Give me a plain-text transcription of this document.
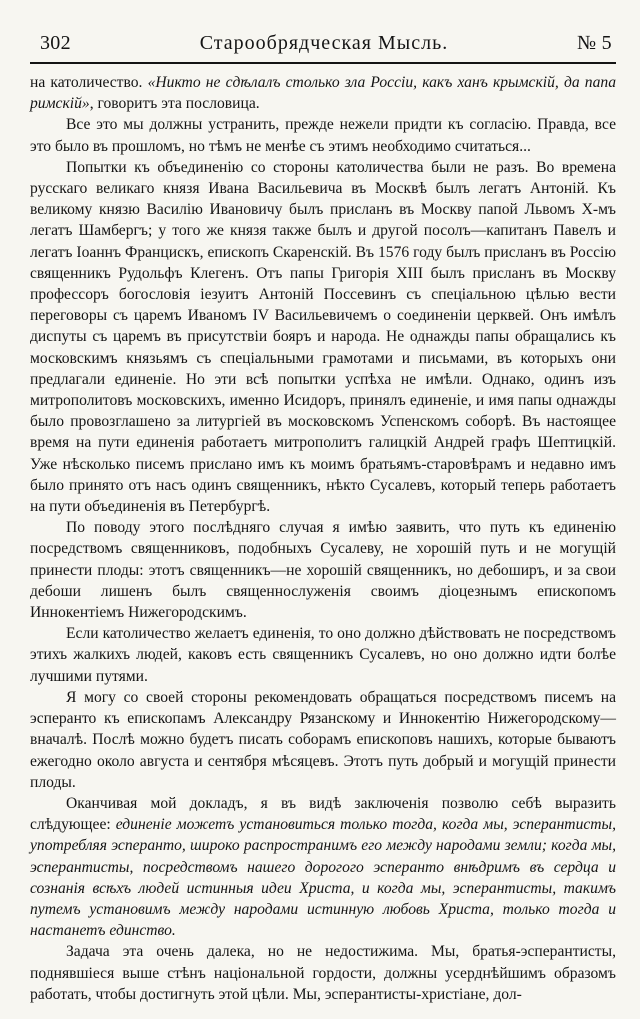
302	Старообрядческая Мысль.	№ 5

на католичество. «Никто не сдѣлалъ столько зла Россіи, какъ ханъ крымскій, да папа римскій», говоритъ эта пословица.

Все это мы должны устранить, прежде нежели придти къ согласію. Правда, все это было въ прошломъ, но тѣмъ не менѣе съ этимъ необходимо считаться...

Попытки къ объединенію со стороны католичества были не разъ. Во времена русскаго великаго князя Ивана Васильевича въ Москвѣ былъ легатъ Антоній. Къ великому князю Василію Ивановичу былъ присланъ въ Москву папой Львомъ X-мъ легатъ Шамбергъ; у того же князя также былъ и другой посолъ—капитанъ Павелъ и легатъ Іоаннъ Францискъ, епископъ Скаренскій. Въ 1576 году былъ присланъ въ Россію священникъ Рудольфъ Клегенъ. Отъ папы Григорія XIII былъ присланъ въ Москву профессоръ богословія іезуитъ Антоній Поссевинъ съ спеціальною цѣлью вести переговоры съ царемъ Иваномъ IV Васильевичемъ о соединеніи церквей. Онъ имѣлъ диспуты съ царемъ въ присутствіи бояръ и народа. Не однажды папы обращались къ московскимъ князьямъ съ спеціальными грамотами и письмами, въ которыхъ они предлагали единеніе. Но эти всѣ попытки успѣха не имѣли. Однако, одинъ изъ митрополитовъ московскихъ, именно Исидоръ, принялъ единеніе, и имя папы однажды было провозглашено за литургіей въ московскомъ Успенскомъ соборѣ. Въ настоящее время на пути единенія работаетъ митрополитъ галицкій Андрей графъ Шептицкій. Уже нѣсколько писемъ прислано имъ къ моимъ братьямъ-старовѣрамъ и недавно имъ было принято отъ насъ одинъ священникъ, нѣкто Сусалевъ, который теперь работаетъ на пути объединенія въ Петербургѣ.

По поводу этого послѣдняго случая я имѣю заявить, что путь къ единенію посредствомъ священниковъ, подобныхъ Сусалеву, не хорошій путь и не могущій принести плоды: этотъ священникъ—не хорошій священникъ, но дебоширъ, и за свои дебоши лишенъ былъ священнослуженія своимъ діоцезнымъ епископомъ Иннокентіемъ Нижегородскимъ.

Если католичество желаетъ единенія, то оно должно дѣйствовать не посредствомъ этихъ жалкихъ людей, каковъ есть священникъ Сусалевъ, но оно должно идти болѣе лучшими путями.

Я могу со своей стороны рекомендовать обращаться посредствомъ писемъ на эсперанто къ епископамъ Александру Рязанскому и Иннокентію Нижегородскому—вначалѣ. Послѣ можно будетъ писать соборамъ епископовъ нашихъ, которые бываютъ ежегодно около августа и сентября мѣсяцевъ. Этотъ путь добрый и могущій принести плоды.

Оканчивая мой докладъ, я въ видѣ заключенія позволю себѣ выразить слѣдующее: единеніе можетъ установиться только тогда, когда мы, эсперантисты, употребляя эсперанто, широко распространимъ его между народами земли; когда мы, эсперантисты, посредствомъ нашего дорогого эсперанто внѣдримъ въ сердца и сознанія всѣхъ людей истинныя идеи Христа, и когда мы, эсперантисты, такимъ путемъ установимъ между народами истинную любовь Христа, только тогда и настанетъ единство.

Задача эта очень далека, но не недостижима. Мы, братья-эсперантисты, поднявшіеся выше стѣнъ національной гордости, должны усерднѣйшимъ образомъ работать, чтобы достигнуть этой цѣли. Мы, эсперантисты-христіане, дол-
